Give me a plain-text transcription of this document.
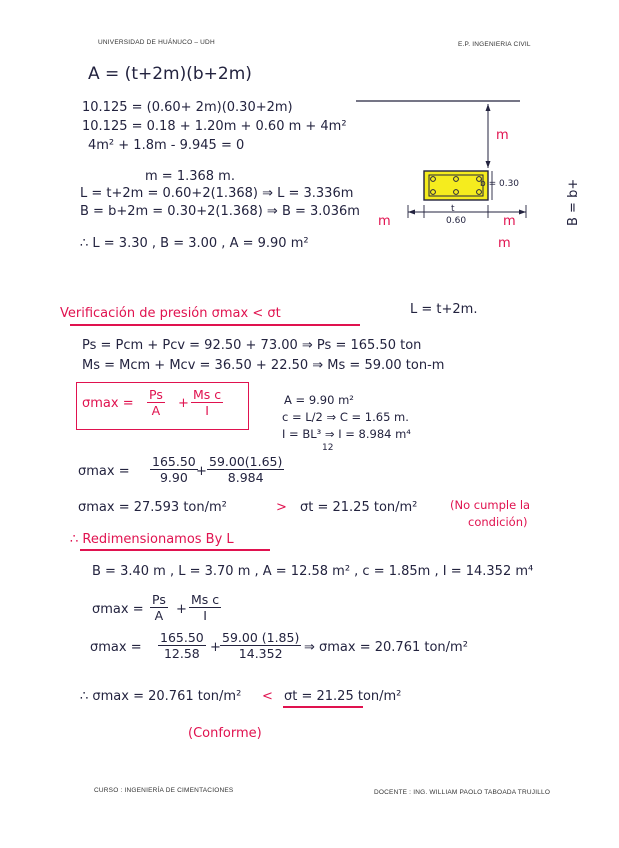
UNIVERSIDAD DE HUÁNUCO – UDH	E.P. INGENIERIA CIVIL
A = (t+2m)(b+2m)
10.125 = (0.60+ 2m)(0.30+2m)
10.125 = 0.18 + 1.20m + 0.60 m + 4m²
4m² + 1.8m - 9.945 = 0
m = 1.368 m.
L = t+2m = 0.60+2(1.368) ⇒ L = 3.336m
B = b+2m = 0.30+2(1.368) ⇒ B = 3.036m
∴ L = 3.30 , B = 3.00 , A = 9.90 m²
m
b = 0.30
t
0.60
m	m
m
B = b+
L = t+2m.
Verificación de presión σmax < σt
Ps = Pcm + Pcv = 92.50 + 73.00 ⇒ Ps = 165.50 ton
Ms = Mcm + Mcv = 36.50 + 22.50 ⇒ Ms = 59.00 ton-m
$\sigma\max = \frac{Ps}{A} + \frac{\text{Ms c}}{I}$	A = 9.90 m²
c = L/2 ⇒ C = 1.65 m.
I = BL³ ⇒ I = 8.984 m⁴
12
$\sigma\max = \frac{165.50}{9.90}$
+ $\frac{59.00(1.65)}{8.984}$
σmax = 27.593 ton/m²	> σt = 21.25 ton/m²	(No cumple la
condición)
∴ Redimensionamos By L
B = 3.40 m , L = 3.70 m , A = 12.58 m² , c = 1.85m , I = 14.352 m⁴
$\sigma\max = \frac{Ps}{A} + \frac{\text{Ms c}}{I}$
$\sigma\max = \frac{165.50}{12.58} + \frac{59.00 (1.85)}{14.352}$ ⇒ σmax = 20.761 ton/m²
∴ σmax = 20.761 ton/m² < σt = 21.25 ton/m²
(Conforme)
CURSO : INGENIERÍA DE CIMENTACIONES	DOCENTE : ING. WILLIAM PAOLO TABOADA TRUJILLO
